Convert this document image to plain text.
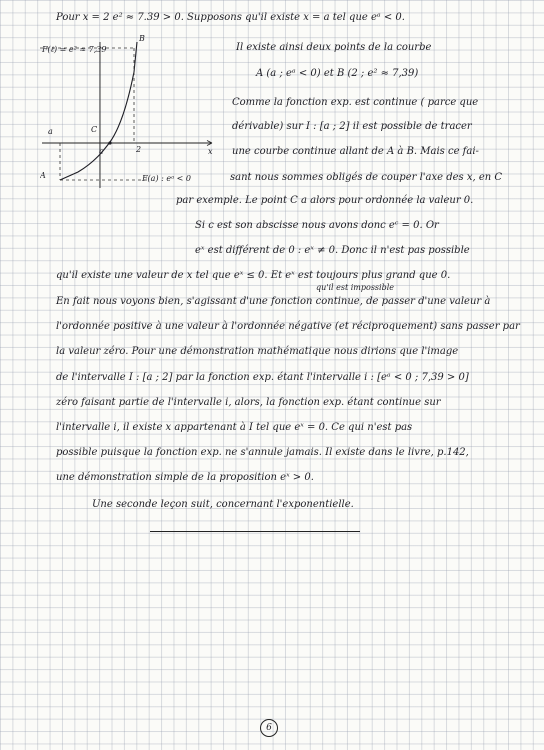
F(ℓ) = e² ≈ 7,39
B
a	C
c	2
A	F(a) : eᵃ < 0
x
Pour x = 2 e² ≈ 7.39 > 0. Supposons qu'il existe x = a tel que eᵃ < 0.
Il existe ainsi deux points de la courbe
A (a ; eᵃ < 0) et B (2 ; e² ≈ 7,39)
Comme la fonction exp. est continue ( parce que
dérivable) sur I : [a ; 2] il est possible de tracer
une courbe continue allant de A à B. Mais ce fai-
sant nous sommes obligés de couper l'axe des x, en C
par exemple. Le point C a alors pour ordonnée la valeur 0.
Si c est son abscisse nous avons donc eᶜ = 0. Or
eˣ est différent de 0 : eˣ ≠ 0. Donc il n'est pas possible
qu'il existe une valeur de x tel que eˣ ≤ 0. Et eˣ est toujours plus grand que 0.
qu'il est impossible
En fait nous voyons bien, s'agissant d'une fonction continue, de passer d'une valeur à
l'ordonnée positive à une valeur à l'ordonnée négative (et réciproquement) sans passer par
la valeur zéro. Pour une démonstration mathématique nous dirions que l'image
de l'intervalle I : [a ; 2] par la fonction exp. étant l'intervalle i : [eᵃ < 0 ; 7,39 > 0]
zéro faisant partie de l'intervalle i, alors, la fonction exp. étant continue sur
l'intervalle i, il existe x appartenant à I tel que eˣ = 0. Ce qui n'est pas
possible puisque la fonction exp. ne s'annule jamais. Il existe dans le livre, p.142,
une démonstration simple de la proposition eˣ > 0.
Une seconde leçon suit, concernant l'exponentielle.
6
